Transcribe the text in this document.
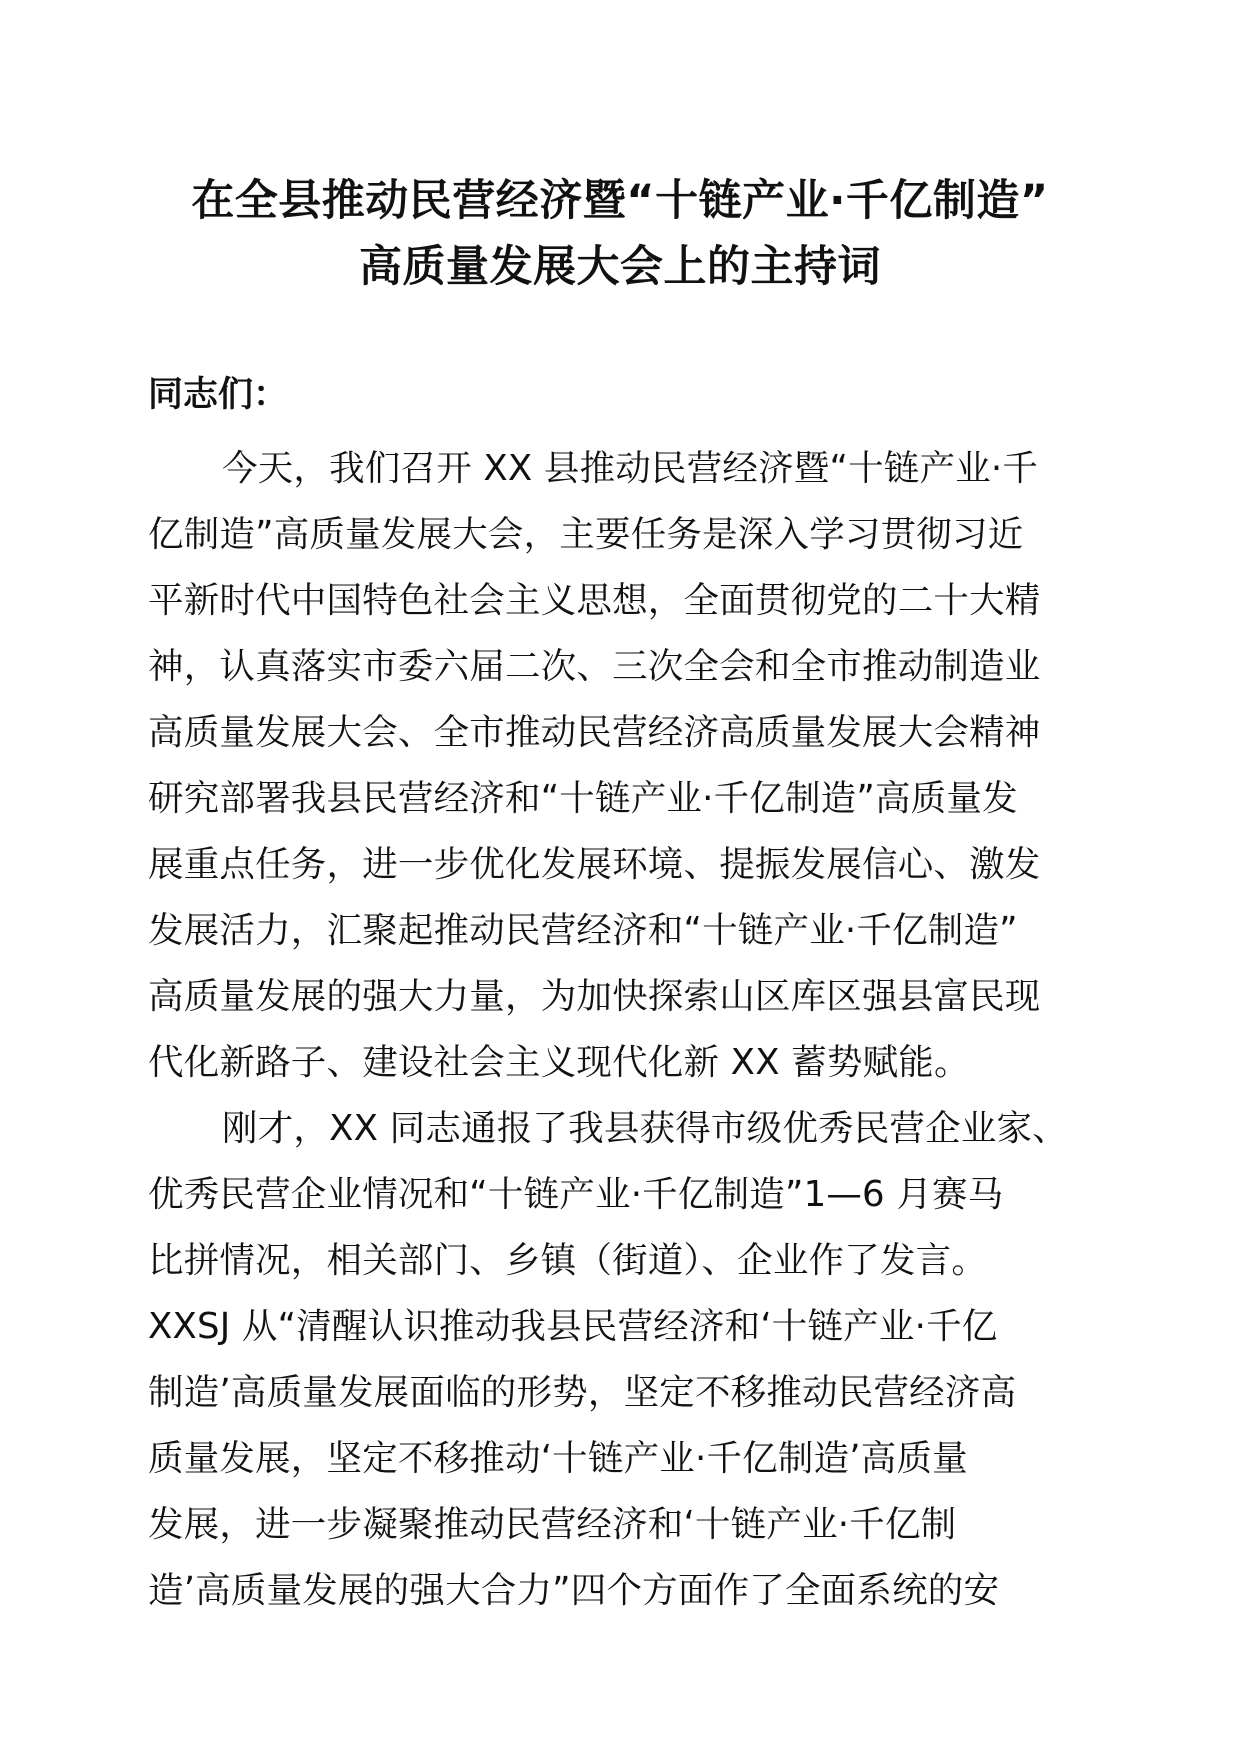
在全县推动民营经济暨“十链产业·千亿制造”
高质量发展大会上的主持词

同志们：

今天，我们召开 XX 县推动民营经济暨“十链产业·千
亿制造”高质量发展大会，主要任务是深入学习贯彻习近
平新时代中国特色社会主义思想，全面贯彻党的二十大精
神，认真落实市委六届二次、三次全会和全市推动制造业
高质量发展大会、全市推动民营经济高质量发展大会精神
研究部署我县民营经济和“十链产业·千亿制造”高质量发
展重点任务，进一步优化发展环境、提振发展信心、激发
发展活力，汇聚起推动民营经济和“十链产业·千亿制造”
高质量发展的强大力量，为加快探索山区库区强县富民现
代化新路子、建设社会主义现代化新 XX 蓄势赋能。
刚才，XX 同志通报了我县获得市级优秀民营企业家、
优秀民营企业情况和“十链产业·千亿制造”1—6 月赛马
比拼情况，相关部门、乡镇（街道）、企业作了发言。
XXSJ 从“清醒认识推动我县民营经济和‘十链产业·千亿
制造’高质量发展面临的形势，坚定不移推动民营经济高
质量发展，坚定不移推动‘十链产业·千亿制造’高质量
发展，进一步凝聚推动民营经济和‘十链产业·千亿制
造’高质量发展的强大合力”四个方面作了全面系统的安
